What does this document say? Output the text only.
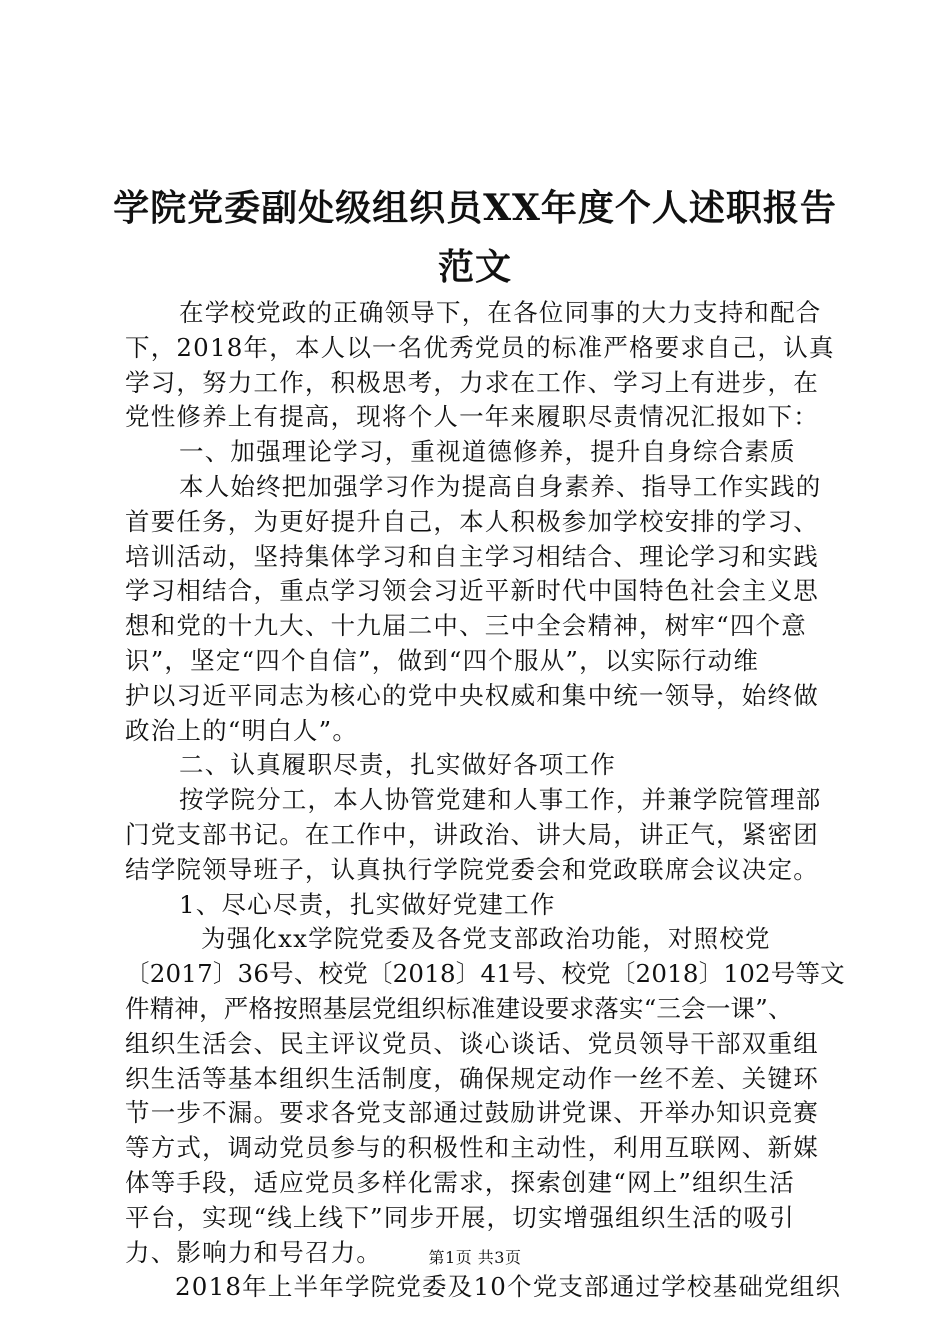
学院党委副处级组织员XX年度个人述职报告
范文
在学校党政的正确领导下，在各位同事的大力支持和配合
下，2018年，本人以一名优秀党员的标准严格要求自己，认真
学习，努力工作，积极思考，力求在工作、学习上有进步，在
党性修养上有提高，现将个人一年来履职尽责情况汇报如下：
一、加强理论学习，重视道德修养，提升自身综合素质
本人始终把加强学习作为提高自身素养、指导工作实践的
首要任务，为更好提升自己，本人积极参加学校安排的学习、
培训活动，坚持集体学习和自主学习相结合、理论学习和实践
学习相结合，重点学习领会习近平新时代中国特色社会主义思
想和党的十九大、十九届二中、三中全会精神，树牢“四个意
识”，坚定“四个自信”，做到“四个服从”，以实际行动维
护以习近平同志为核心的党中央权威和集中统一领导，始终做
政治上的“明白人”。
二、认真履职尽责，扎实做好各项工作
按学院分工，本人协管党建和人事工作，并兼学院管理部
门党支部书记。在工作中，讲政治、讲大局，讲正气，紧密团
结学院领导班子，认真执行学院党委会和党政联席会议决定。
1、尽心尽责，扎实做好党建工作
为强化xx学院党委及各党支部政治功能，对照校党
〔2017〕36号、校党〔2018〕41号、校党〔2018〕102号等文
件精神，严格按照基层党组织标准建设要求落实“三会一课”、
组织生活会、民主评议党员、谈心谈话、党员领导干部双重组
织生活等基本组织生活制度，确保规定动作一丝不差、关键环
节一步不漏。要求各党支部通过鼓励讲党课、开举办知识竞赛
等方式，调动党员参与的积极性和主动性，利用互联网、新媒
体等手段，适应党员多样化需求，探索创建“网上”组织生活
平台，实现“线上线下”同步开展，切实增强组织生活的吸引
力、影响力和号召力。
2018年上半年学院党委及10个党支部通过学校基础党组织
第1页 共3页
